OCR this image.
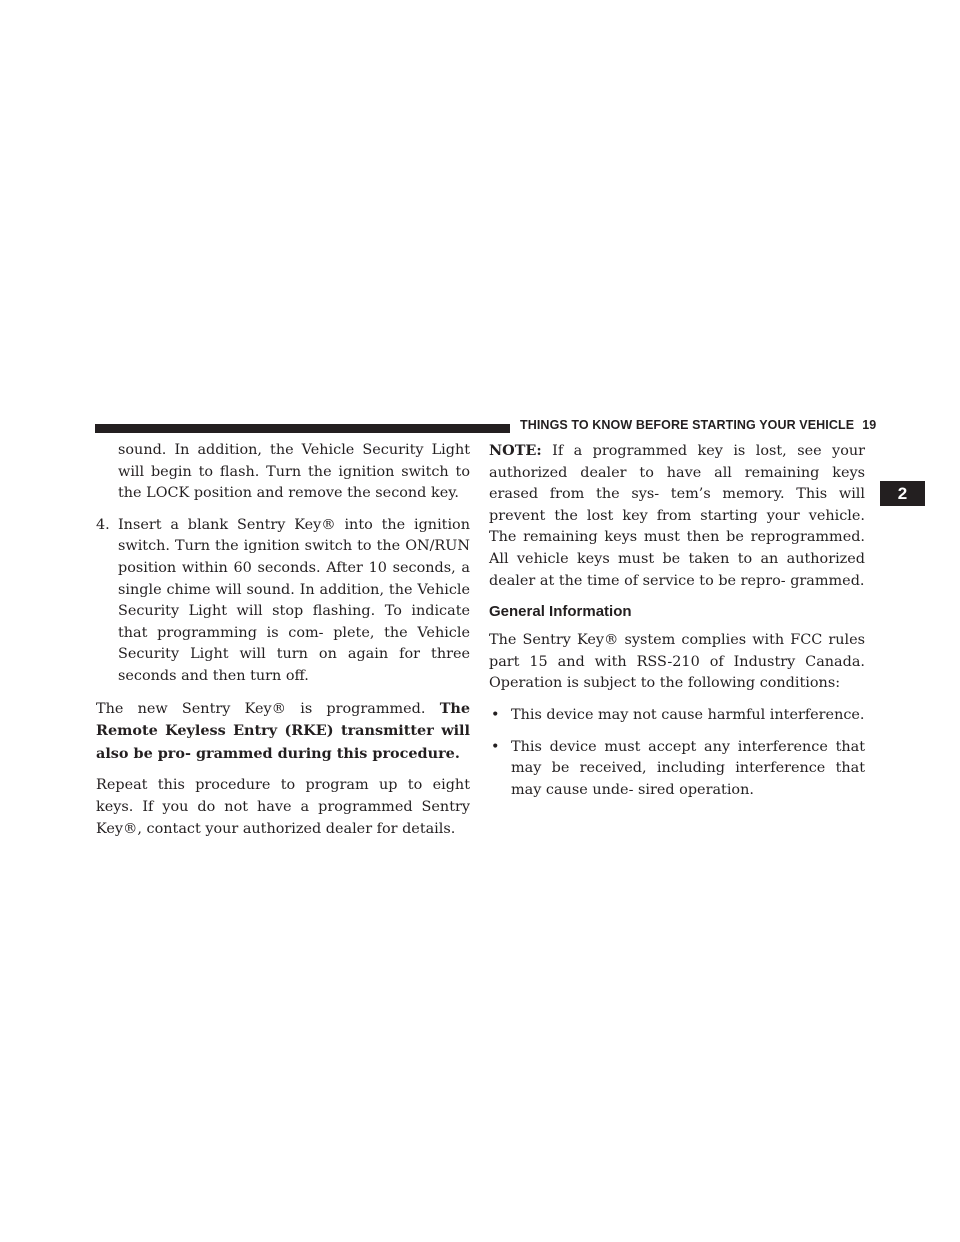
THINGS TO KNOW BEFORE STARTING YOUR VEHICLE 19
2

sound. In addition, the Vehicle Security Light will begin to flash. Turn the ignition switch to the LOCK position and remove the second key.

4. Insert a blank Sentry Key® into the ignition switch. Turn the ignition switch to the ON/RUN position within 60 seconds. After 10 seconds, a single chime will sound. In addition, the Vehicle Security Light will stop flashing. To indicate that programming is com- plete, the Vehicle Security Light will turn on again for three seconds and then turn off.

The new Sentry Key® is programmed. The Remote Keyless Entry (RKE) transmitter will also be pro- grammed during this procedure.

Repeat this procedure to program up to eight keys. If you do not have a programmed Sentry Key®, contact your authorized dealer for details.

NOTE: If a programmed key is lost, see your authorized dealer to have all remaining keys erased from the sys- tem’s memory. This will prevent the lost key from starting your vehicle. The remaining keys must then be reprogrammed. All vehicle keys must be taken to an authorized dealer at the time of service to be repro- grammed.

General Information

The Sentry Key® system complies with FCC rules part 15 and with RSS-210 of Industry Canada. Operation is subject to the following conditions:

• This device may not cause harmful interference.
• This device must accept any interference that may be received, including interference that may cause unde- sired operation.
